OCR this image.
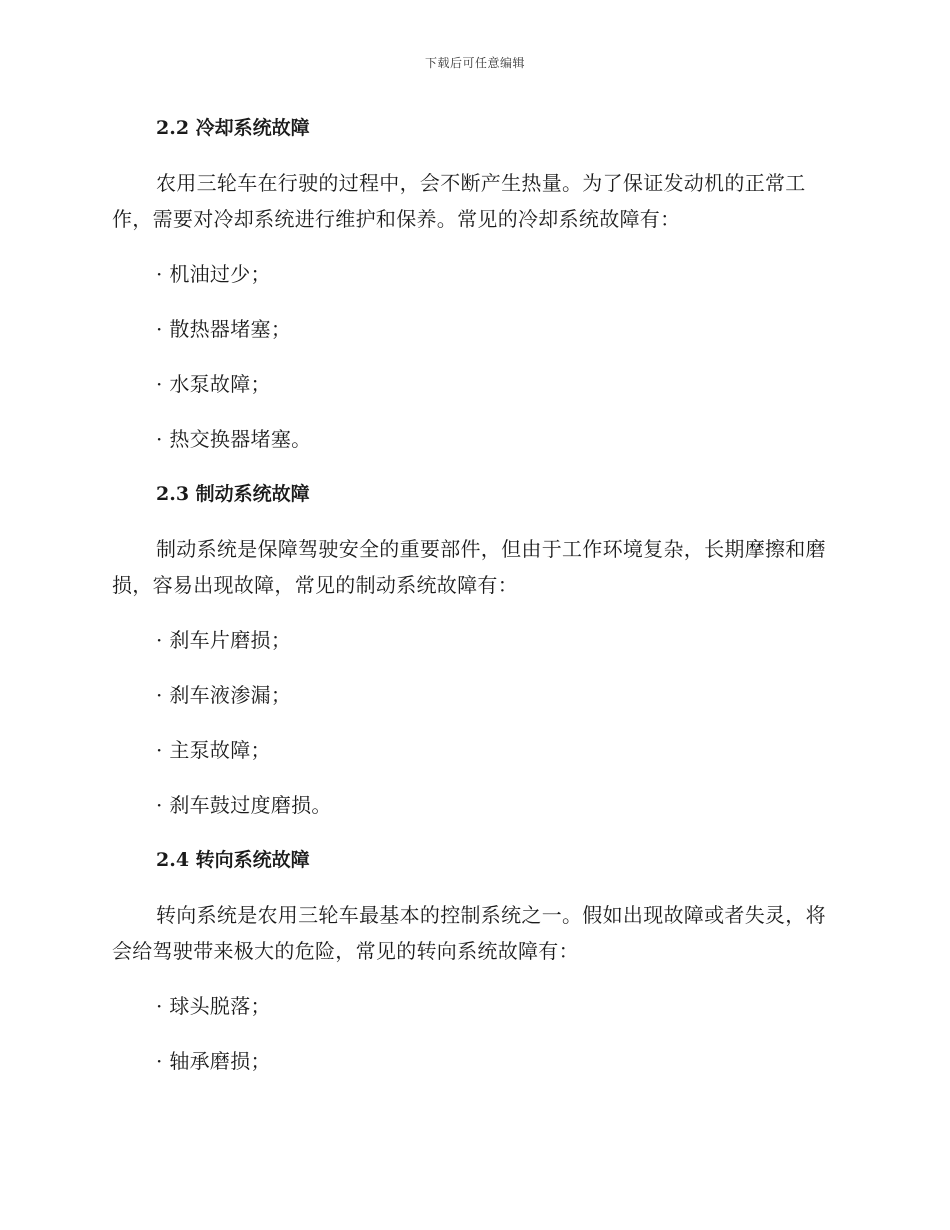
下载后可任意编辑
2.2 冷却系统故障
农用三轮车在行驶的过程中，会不断产生热量。为了保证发动机的正常工作，需要对冷却系统进行维护和保养。常见的冷却系统故障有：
· 机油过少；
· 散热器堵塞；
· 水泵故障；
· 热交换器堵塞。
2.3 制动系统故障
制动系统是保障驾驶安全的重要部件，但由于工作环境复杂，长期摩擦和磨损，容易出现故障，常见的制动系统故障有：
· 刹车片磨损；
· 刹车液渗漏；
· 主泵故障；
· 刹车鼓过度磨损。
2.4 转向系统故障
转向系统是农用三轮车最基本的控制系统之一。假如出现故障或者失灵，将会给驾驶带来极大的危险，常见的转向系统故障有：
· 球头脱落；
· 轴承磨损；
